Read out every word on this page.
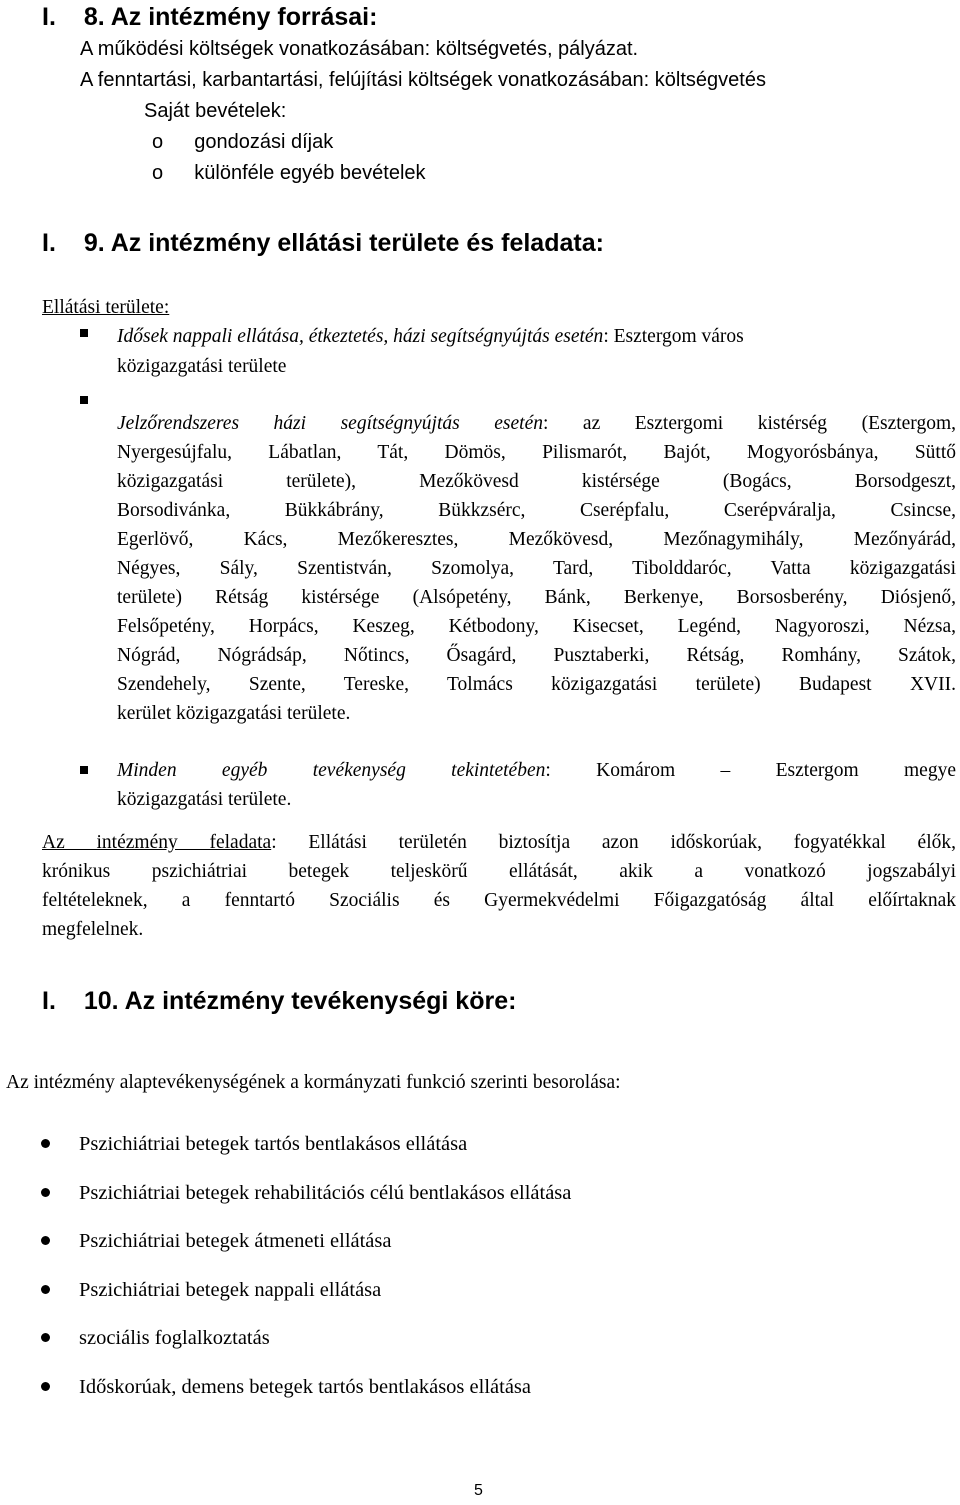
I. 8. Az intézmény forrásai:
A működési költségek vonatkozásában: költségvetés, pályázat.
A fenntartási, karbantartási, felújítási költségek vonatkozásában: költségvetés
Saját bevételek:
o gondozási díjak
o különféle egyéb bevételek
I. 9. Az intézmény ellátási területe és feladata:
Ellátási területe:
Idősek nappali ellátása, étkeztetés, házi segítségnyújtás esetén: Esztergom város
közigazgatási területe
Jelzőrendszeres házi segítségnyújtás esetén: az Esztergomi kistérség (Esztergom,
Nyergesújfalu, Lábatlan, Tát, Dömös, Pilismarót, Bajót, Mogyorósbánya, Süttő
közigazgatási területe), Mezőkövesd kistérsége (Bogács, Borsodgeszt,
Borsodivánka, Bükkábrány, Bükkzsérc, Cserépfalu, Cserépváralja, Csincse,
Egerlövő, Kács, Mezőkeresztes, Mezőkövesd, Mezőnagymihály, Mezőnyárád,
Négyes, Sály, Szentistván, Szomolya, Tard, Tibolddaróc, Vatta közigazgatási
területe) Rétság kistérsége (Alsópetény, Bánk, Berkenye, Borsosberény, Diósjenő,
Felsőpetény, Horpács, Keszeg, Kétbodony, Kisecset, Legénd, Nagyoroszi, Nézsa,
Nógrád, Nógrádsáp, Nőtincs, Ősagárd, Pusztaberki, Rétság, Romhány, Szátok,
Szendehely, Szente, Tereske, Tolmács közigazgatási területe) Budapest XVII.
kerület közigazgatási területe.
Minden egyéb tevékenység tekintetében: Komárom – Esztergom megye
közigazgatási területe.
Az intézmény feladata: Ellátási területén biztosítja azon időskorúak, fogyatékkal élők,
krónikus pszichiátriai betegek teljeskörű ellátását, akik a vonatkozó jogszabályi
feltételeknek, a fenntartó Szociális és Gyermekvédelmi Főigazgatóság által előírtaknak
megfelelnek.
I. 10. Az intézmény tevékenységi köre:
Az intézmény alaptevékenységének a kormányzati funkció szerinti besorolása:
Pszichiátriai betegek tartós bentlakásos ellátása
Pszichiátriai betegek rehabilitációs célú bentlakásos ellátása
Pszichiátriai betegek átmeneti ellátása
Pszichiátriai betegek nappali ellátása
szociális foglalkoztatás
Időskorúak, demens betegek tartós bentlakásos ellátása
5
